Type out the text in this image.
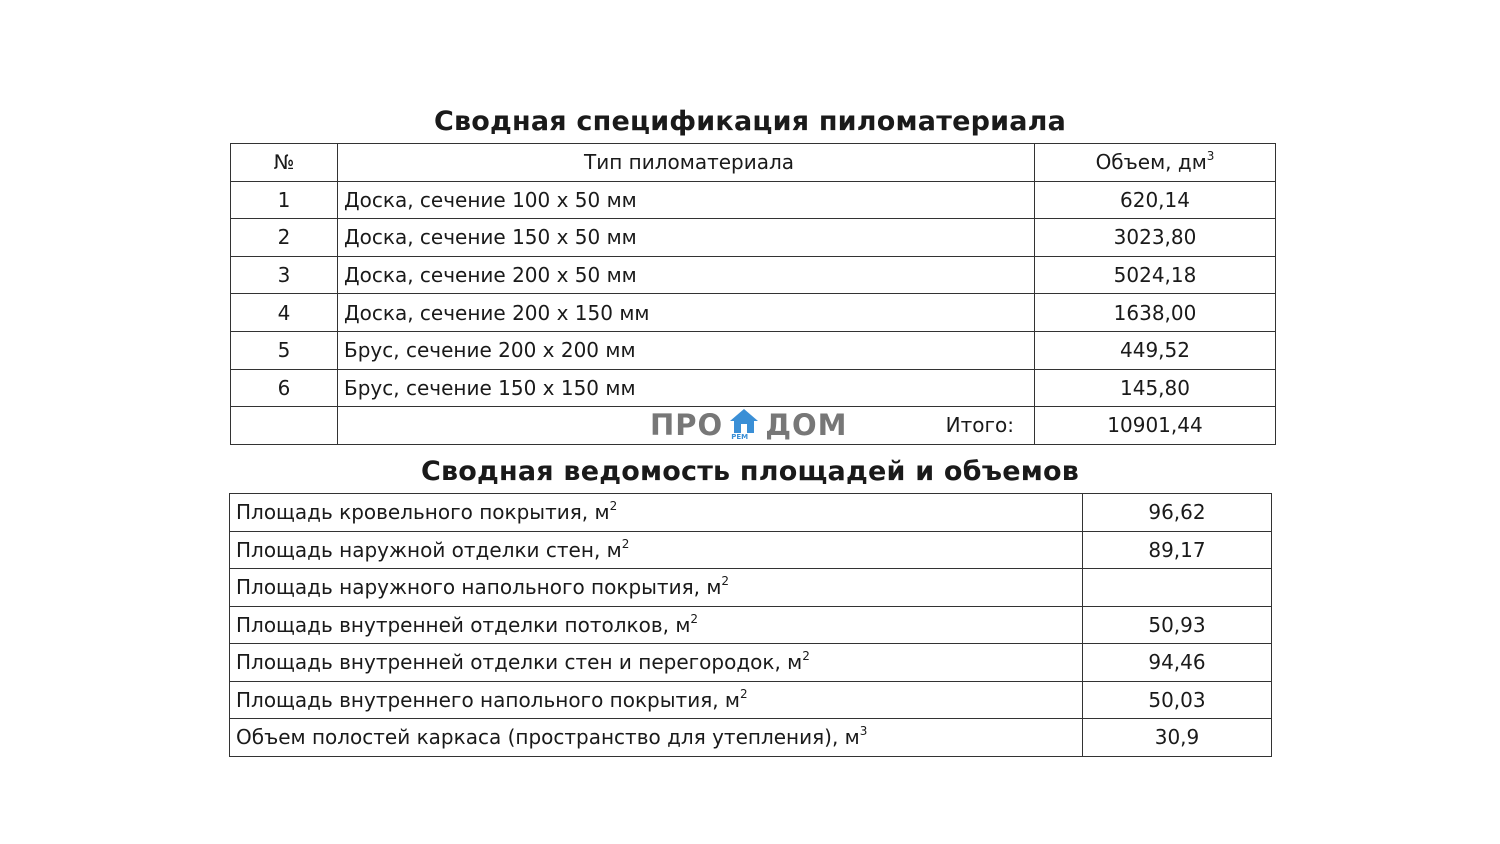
Сводная спецификация пиломатериала
№	Тип пиломатериала	Объем, $дм^3$
1	Доска, сечение 100 х 50 мм	620,14
2	Доска, сечение 150 х 50 мм	3023,80
3	Доска, сечение 200 х 50 мм	5024,18
4	Доска, сечение 200 х 150 мм	1638,00
5	Брус, сечение 200 х 200 мм	449,52
6	Брус, сечение 150 х 150 мм	145,80

	ПРО РЕМ ДОМ Итого:	10901,44
Сводная ведомость площадей и объемов
Площадь кровельного покрытия, $м^2$	96,62
Площадь наружной отделки стен, $м^2$	89,17
Площадь наружного напольного покрытия, $м^2$	
Площадь внутренней отделки потолков, $м^2$	50,93
Площадь внутренней отделки стен и перегородок, $м^2$	94,46
Площадь внутреннего напольного покрытия, $м^2$	50,03
Объем полостей каркаса (пространство для утепления), $м^3$	30,9
